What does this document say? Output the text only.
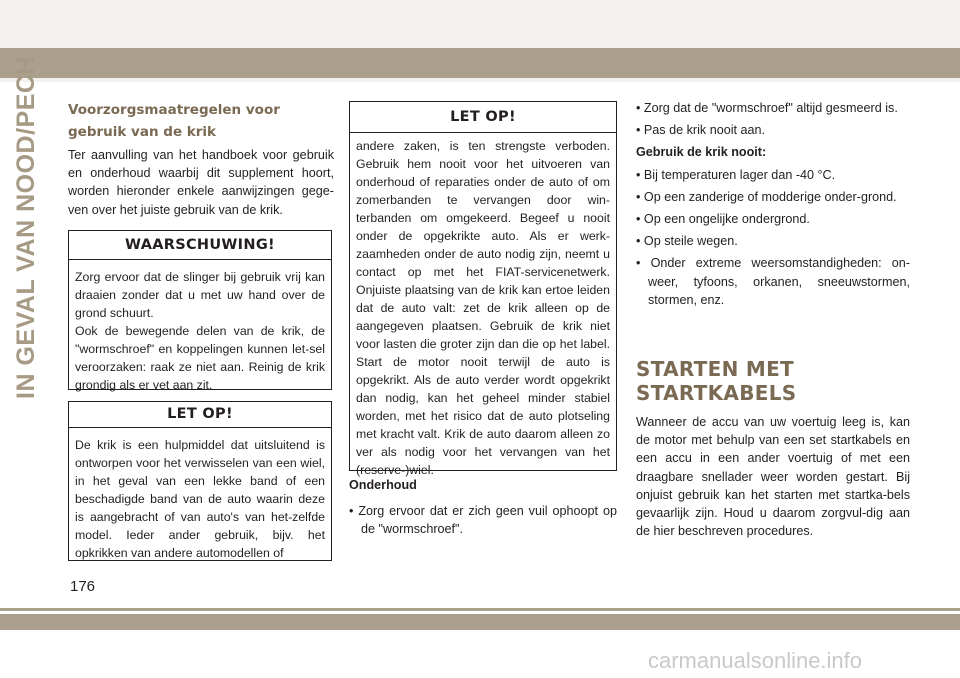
IN GEVAL VAN NOOD/PECH Voorzorgsmaatregelen voor gebruik van de krik

Ter aanvulling van het handboek voor gebruik en onderhoud waarbij dit supplement hoort, worden hieronder enkele aanwijzingen gege-ven over het juiste gebruik van de krik.

WAARSCHUWING!
Zorg ervoor dat de slinger bij gebruik vrij kan draaien zonder dat u met uw hand over de grond schuurt.
Ook de bewegende delen van de krik, de "wormschroef" en koppelingen kunnen let-sel veroorzaken: raak ze niet aan. Reinig de krik grondig als er vet aan zit.
LET OP!
De krik is een hulpmiddel dat uitsluitend is ontworpen voor het verwisselen van een wiel, in het geval van een lekke band of een beschadigde band van de auto waarin deze is aangebracht of van auto's van het-zelfde model. Ieder ander gebruik, bijv. het opkrikken van andere automodellen of
LET OP!
andere zaken, is ten strengste verboden. Gebruik hem nooit voor het uitvoeren van onderhoud of reparaties onder de auto of om zomerbanden te vervangen door win-terbanden om omgekeerd. Begeef u nooit onder de opgekrikte auto. Als er werk-zaamheden onder de auto nodig zijn, neemt u contact op met het FIAT-servicenetwerk. Onjuiste plaatsing van de krik kan ertoe leiden dat de auto valt: zet de krik alleen op de aangegeven plaatsen. Gebruik de krik niet voor lasten die groter zijn dan die op het label. Start de motor nooit terwijl de auto is opgekrikt. Als de auto verder wordt opgekrikt dan nodig, kan het geheel minder stabiel worden, met het risico dat de auto plotseling met kracht valt. Krik de auto daarom alleen zo ver als nodig voor het vervangen van het (reserve-)wiel.

Onderhoud

• Zorg ervoor dat er zich geen vuil ophoopt op de "wormschroef".

• Zorg dat de "wormschroef" altijd gesmeerd is.

• Pas de krik nooit aan.

Gebruik de krik nooit:

• Bij temperaturen lager dan -40 °C.

• Op een zanderige of modderige onder-grond.

• Op een ongelijke ondergrond.

• Op steile wegen.

• Onder extreme weersomstandigheden: on-weer, tyfoons, orkanen, sneeuwstormen, stormen, enz.

STARTEN MET STARTKABELS

Wanneer de accu van uw voertuig leeg is, kan de motor met behulp van een set startkabels en een accu in een ander voertuig of met een draagbare snellader weer worden gestart. Bij onjuist gebruik kan het starten met startka-bels gevaarlijk zijn. Houd u daarom zorgvul-dig aan de hier beschreven procedures.

176
carmanualsonline.info
